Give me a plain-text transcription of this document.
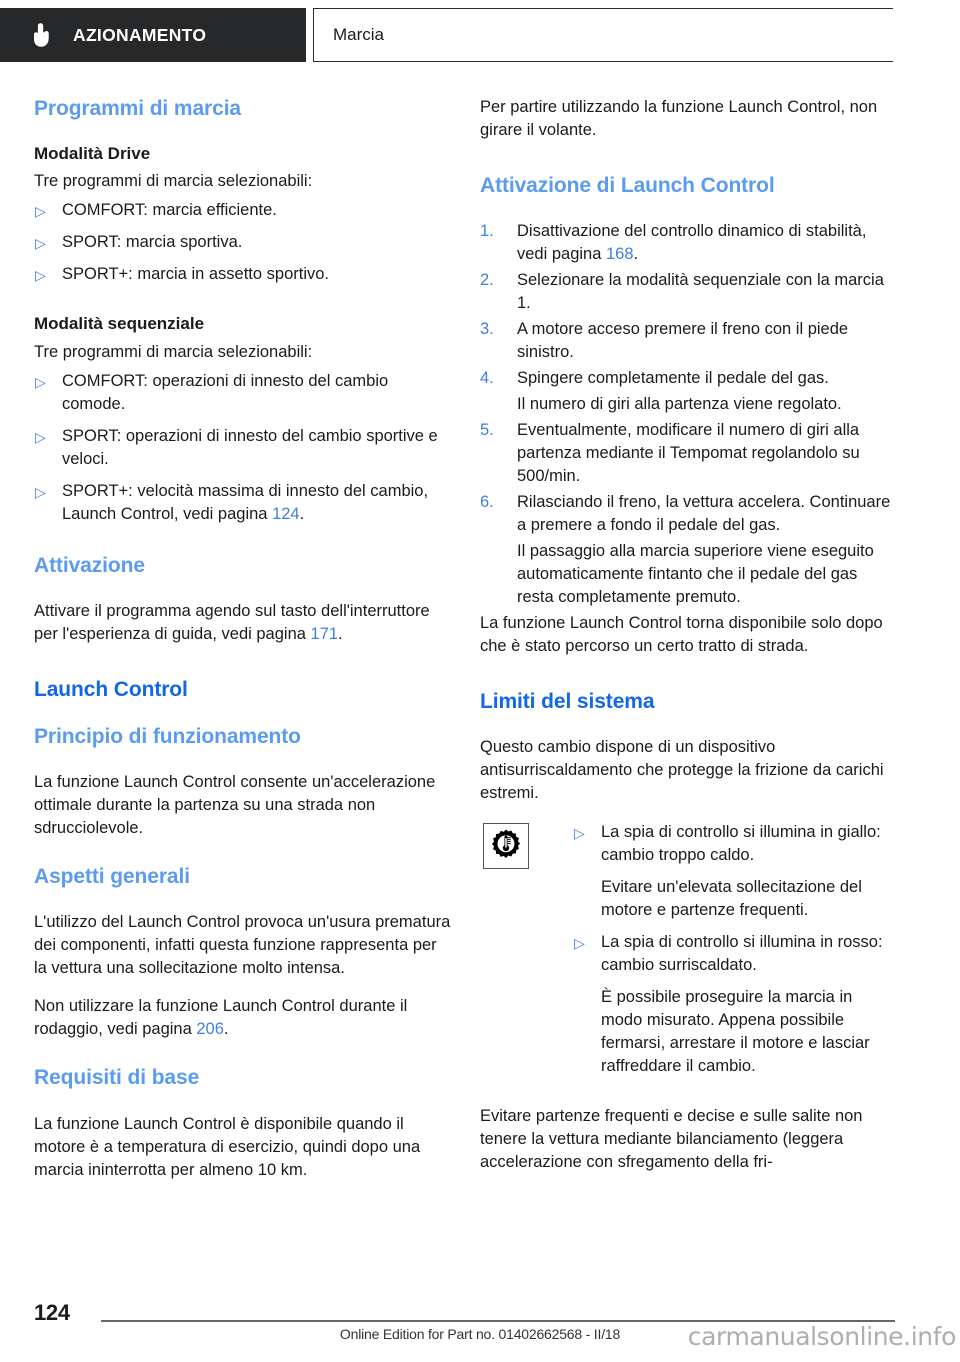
AZIONAMENTO	Marcia
Programmi di marcia
Modalità Drive

Tre programmi di marcia selezionabili:

▷ COMFORT: marcia efficiente.
▷ SPORT: marcia sportiva.
▷ SPORT+: marcia in assetto sportivo.
Modalità sequenziale

Tre programmi di marcia selezionabili:

▷ COMFORT: operazioni di innesto del cambio comode.
▷ SPORT: operazioni di innesto del cambio sportive e veloci.
▷ SPORT+: velocità massima di innesto del cambio, Launch Control, vedi pagina 124.
Attivazione

Attivare il programma agendo sul tasto dell'interruttore per l'esperienza di guida, vedi pagina 171.

Launch Control
Principio di funzionamento

La funzione Launch Control consente un'accelerazione ottimale durante la partenza su una strada non sdrucciolevole.

Aspetti generali

L'utilizzo del Launch Control provoca un'usura prematura dei componenti, infatti questa funzione rappresenta per la vettura una sollecitazione molto intensa.

Non utilizzare la funzione Launch Control durante il rodaggio, vedi pagina 206.

Requisiti di base

La funzione Launch Control è disponibile quando il motore è a temperatura di esercizio, quindi dopo una marcia ininterrotta per almeno 10 km.

Per partire utilizzando la funzione Launch Control, non girare il volante.

Attivazione di Launch Control
1. Disattivazione del controllo dinamico di stabilità, vedi pagina 168.
2. Selezionare la modalità sequenziale con la marcia 1.
3. A motore acceso premere il freno con il piede sinistro.
4. Spingere completamente il pedale del gas.

Il numero di giri alla partenza viene regolato.

5. Eventualmente, modificare il numero di giri alla partenza mediante il Tempomat regolandolo su 500/min.
6. Rilasciando il freno, la vettura accelera. Continuare a premere a fondo il pedale del gas.

Il passaggio alla marcia superiore viene eseguito automaticamente fintanto che il pedale del gas resta completamente premuto.

La funzione Launch Control torna disponibile solo dopo che è stato percorso un certo tratto di strada.

Limiti del sistema

Questo cambio dispone di un dispositivo antisurriscaldamento che protegge la frizione da carichi estremi.

▷ La spia di controllo si illumina in giallo: cambio troppo caldo.

Evitare un'elevata sollecitazione del motore e partenze frequenti.

▷ La spia di controllo si illumina in rosso: cambio surriscaldato.

È possibile proseguire la marcia in modo misurato. Appena possibile fermarsi, arrestare il motore e lasciar raffreddare il cambio.

Evitare partenze frequenti e decise e sulle salite non tenere la vettura mediante bilanciamento (leggera accelerazione con sfregamento della fri-

124
Online Edition for Part no. 01402662568 - II/18	carmanualsonline.info
